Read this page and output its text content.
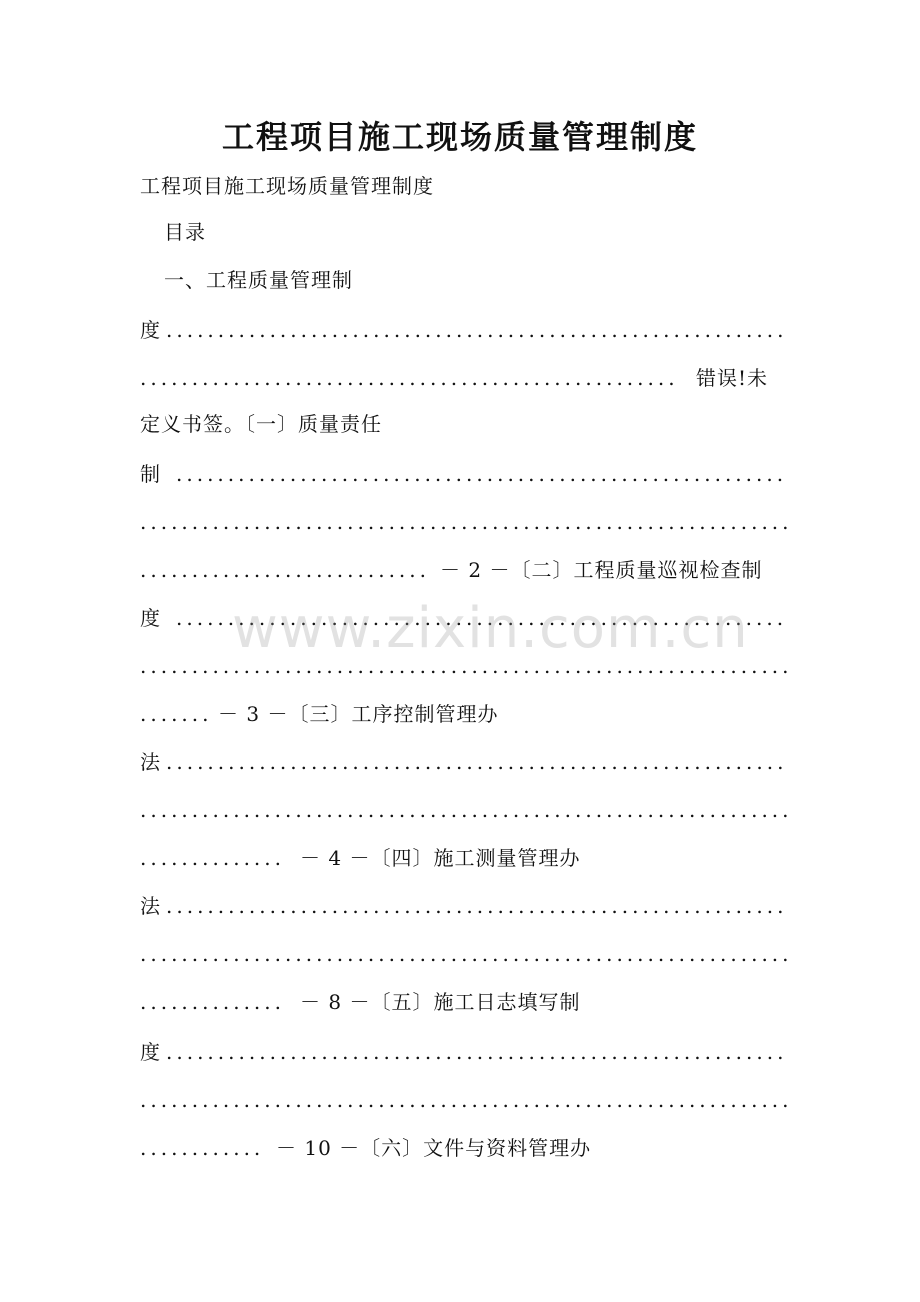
工程项目施工现场质量管理制度
工程项目施工现场质量管理制度
目录
一、工程质量管理制
度
.....
.....
错误!未
定义书签。〔一〕质量责任
制
.....
.....
.....
－ 2 －〔二〕工程质量巡视检查制
度
.....
.....
.....
－ 3 －〔三〕工序控制管理办
法
.....
.....
.....
－ 4 －〔四〕施工测量管理办
法
.....
.....
.....
－ 8 －〔五〕施工日志填写制
度
.....
.....
.....
－ 10 －〔六〕文件与资料管理办
www.zixin.com.cn
